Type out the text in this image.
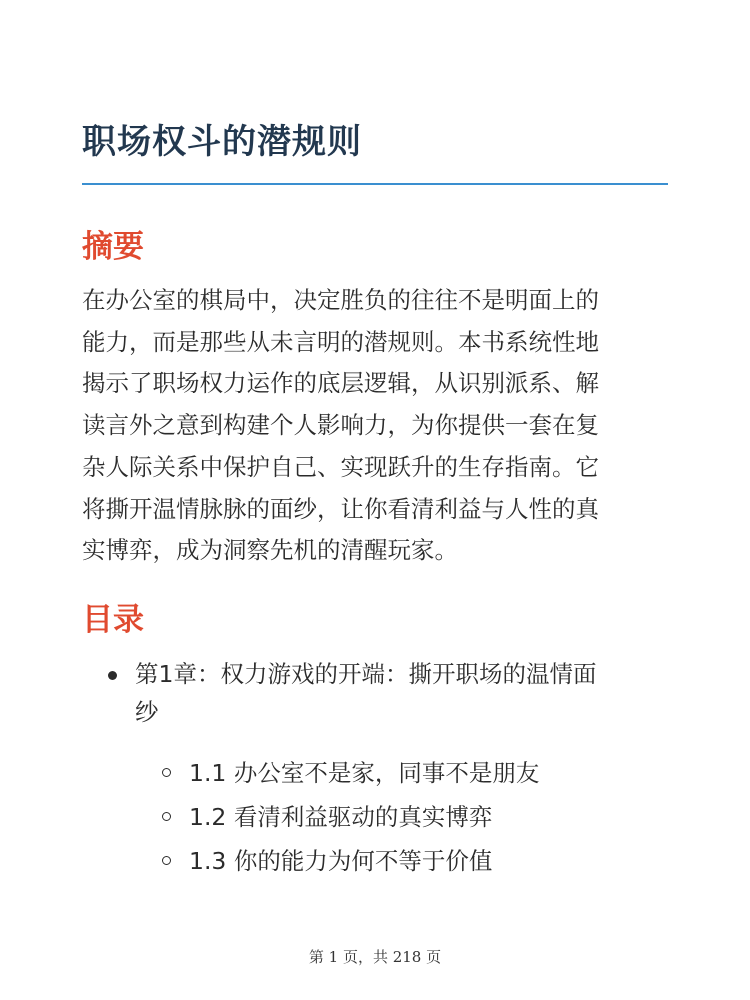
职场权斗的潜规则
摘要

在办公室的棋局中，决定胜负的往往不是明面上的
能力，而是那些从未言明的潜规则。本书系统性地
揭示了职场权力运作的底层逻辑，从识别派系、解
读言外之意到构建个人影响力，为你提供一套在复
杂人际关系中保护自己、实现跃升的生存指南。它
将撕开温情脉脉的面纱，让你看清利益与人性的真
实博弈，成为洞察先机的清醒玩家。

目录
第1章：权力游戏的开端：撕开职场的温情面
纱
1.1 办公室不是家，同事不是朋友
1.2 看清利益驱动的真实博弈
1.3 你的能力为何不等于价值
第 1 页，共 218 页
